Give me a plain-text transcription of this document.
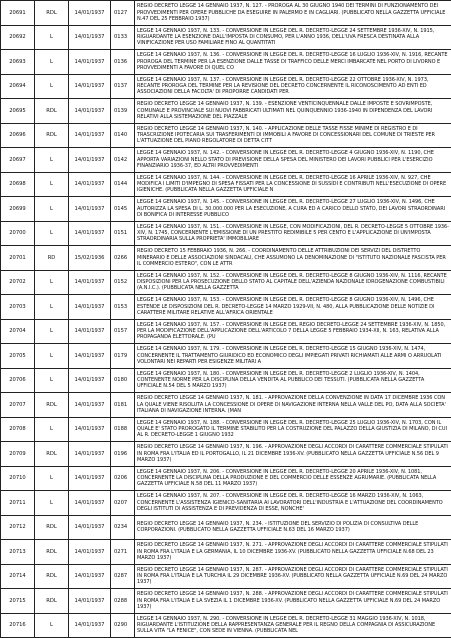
20691	RDL	14/01/1937	0127	REGIO DECRETO LEGGE 14 GENNAIO 1937, N. 127. - PROROGA AL 30 GIUGNO 1940 DEI TERMINI DI FUNZIONAMENTO DEI PROVVEDIMENTI PER OPERE PUBBLICHE DA ESEGUIRE IN PALERMO E IN CAGLIARI. (PUBBLICATO NELLA GAZZETTA UFFICIALE N.47 DEL 25 FEBBRAIO 1937)

20692	L	14/01/1937	0133	LEGGE 14 GENNAIO 1937, N. 133. - CONVERSIONE IN LEGGE DEL R. DECRETO-LEGGE 24 SETTEMBRE 1936-XIV, N. 1915, RIGUARDANTE LA ESENZIONE DALL'IMPOSTA DI CONSUMO, PER L'ANNO 1936, DELL'UVA FRESCA DESTINATA ALLA VINIFICAZIONE PER USO FAMILIARE FINO AL QUANTITATI

20693	L	14/01/1937	0136	LEGGE 14 GENNAIO 1937, N. 136. - CONVERSIONE IN LEGGE DEL R. DECRETO-LEGGE 16 LUGLIO 1936-XIV, N. 1916, RECANTE PROROGA DEL TERMINE PER LA ESENZIONE DALLE TASSE DI TRAFFICO DELLE MERCI IMBARCATE NEL PORTO DI LIVORNO E PROVVEDIMENTI A FAVORE DI QUEL CO

20694	L	14/01/1937	0137	LEGGE 14 GENNAIO 1937, N. 137. - CONVERSIONE IN LEGGE DEL R. DECRETO-LEGGE 22 OTTOBRE 1936-XIV, N. 1973, RECANTE PROROGA DEL TERMINE PER LA REVISIONE DEL DECRETO CONCERNENTE IL RICONOSCIMENTO AD ENTI ED ASSOCIAZIONI DELLA FACOLTA' DI PROPORRE CANDIDATI PER

20695	RDL	14/01/1937	0139	REGIO DECRETO LEGGE 14 GENNAIO 1937, N. 139. - ESENZIONE VENTICINQUENNALE DALLE IMPOSTE E SOVRIMPOSTE, COMUNALE E PROVINCIALE SUI NUOVI FABBRICATI ULTIMATI NEL QUINQUENNIO 1936-1940 IN DIPENDENZA DEL LAVORI RELATIVI ALLA SISTEMAZIONE DEL PIAZZALE

20696	RDL	14/01/1937	0140	REGIO DECRETO LEGGE 14 GENNAIO 1937, N. 140. - APPLICAZIONE DELLE TASSE FISSE MINIME DI REGISTRO E DI TRASCRIZIONE IPOTECARIA SUI TRASFERIMENTI DI IMMOBILI A FAVORE DI CONCESSIONARI DEL COMUNE DI TRIESTE PER L'ATTUAZIONE DEL PIANO REGOLATORE DI DETTA CITT

20697	L	14/01/1937	0142	LEGGE 14 GENNAIO 1937, N. 142. - CONVERSIONE IN LEGGE DEL R. DECRETO-LEGGE 4 GIUGNO 1936-XIV, N. 1190, CHE APPORTA VARIAZIONI NELLO STATO DI PREVISIONE DELLA SPESA DEL MINISTERO DEI LAVORI PUBBLICI PER L'ESERCIZIO FINANZIARIO 1936-37, ED ALTRI PROVVEDIMENTI

20698	L	14/01/1937	0144	LEGGE 14 GENNAIO 1937, N. 144. - CONVERSIONE IN LEGGE DEL R. DECRETO-LEGGE 16 APRILE 1936-XIV, N. 927, CHE MODIFICA I LIMITI D'IMPEGNO DI SPESA FISSATI PER LA CONCESSIONE DI SUSSIDI E CONTRIBUTI NELL'ESECUZIONE DI OPERE IGIENICHE. (PUBBLICATA NELLA GAZZETTA UFFICIALE N

20699	L	14/01/1937	0145	LEGGE 14 GENNAIO 1937, N. 145. - CONVERSIONE IN LEGGE DEL R. DECRETO-LEGGE 27 LUGLIO 1936-XIV, N. 1496, CHE AUTORIZZA LA SPESA DI L. 30.000.000 PER LA ESECUZIONE, A CURA ED A CARICO DELLO STATO, DEI LAVORI STRAORDINARI DI BONIFICA DI INTERESSE PUBBLICO

20700	L	14/01/1937	0151	LEGGE 14 GENNAIO 1937, N. 151. - CONVERSIONE IN LEGGE, CON MODIFICAZIONI, DEL R. DECRETO-LEGGE 5 OTTOBRE 1936-XIV, N. 1745, CONCERNENTE L'EMISSIONE DI UN PRESTITO REDIMIBILE 5 PER CENTO E L'APPLICAZIONE DI UN'IMPOSTA STRAORDINARIA SULLA PROPRIETA' IMMOBILIARE

20701	RD	15/02/1936	0266	REGIO DECRETO 15 FEBBRAIO 1936, N. 266. - COORDINAMENTO DELLE ATTRIBUZIONI DEI SERVIZI DEL DISTRETTO MINERARIO E DELLE ASSOCIAZIONI SINDACALI, CHE ASSUMONO LA DENOMINAZIONE DI "ISTITUTO NAZIONALE FASCISTA PER IL COMMERCIO ESTERO", CON LE ATTR

20702	L	14/01/1937	0152	LEGGE 14 GENNAIO 1937, N. 152. - CONVERSIONE IN LEGGE DEL R. DECRETO-LEGGE 8 GIUGNO 1936-XIV, N. 1116, RECANTE DISPOSIZIONI PER LA PROSECUZIONE DELLO STATO AL CAPITALE DELL'AZIENDA NAZIONALE IDROGENAZIONE COMBUSTIBILI (A.N.I.C.). (PUBBLICATA NELLA GAZZETTA

20703	L	14/01/1937	0153	LEGGE 14 GENNAIO 1937, N. 153. - CONVERSIONE IN LEGGE DEL R. DECRETO-LEGGE 8 GIUGNO 1936-XIV, N. 1496, CHE ESTENDE LE DISPOSIZIONI DEL R. DECRETO-LEGGE 14 MARZO 1929-VII, N. 480, ALLA PUBBLICAZIONE DELLE NOTIZIE DI CARATTERE MILITARE RELATIVE ALL'AFRICA ORIENTALE

20704	L	14/01/1937	0157	LEGGE 14 GENNAIO 1937, N. 157. - CONVERSIONE IN LEGGE DEL REGIO DECRETO-LEGGE 24 SETTEMBRE 1936-XIV, N. 1850, PER LA MODIFICAZIONE DELL'APPLICAZIONE DELL'ARTICOLO 7 DELLA LEGGE 5 FEBBRAIO 1934-XII, N. 163, RELATIVA ALLA PROPAGANDA ELETTORALE. (PU

20705	L	14/01/1937	0179	LEGGE 14 GENNAIO 1937, N. 179. - CONVERSIONE IN LEGGE DEL R. DECRETO-LEGGE 15 GIUGNO 1936-XIV, N. 1474, CONCERNENTE IL TRATTAMENTO GIURIDICO ED ECONOMICO DEGLI IMPIEGATI PRIVATI RICHIAMATI ALLE ARMI O ARRUOLATI VOLONTARI NEI REPARTI PER ESIGENZE MILITARI A

20706	L	14/01/1937	0180	LEGGE 14 GENNAIO 1937, N. 180. - CONVERSIONE IN LEGGE DEL R. DECRETO-LEGGE 2 LUGLIO 1936-XIV, N. 1404, CONTENENTE NORME PER LA DISCIPLINA DELLA VENDITA AL PUBBLICO DEI TESSUTI. (PUBBLICATA NELLA GAZZETTA UFFICIALE N.54 DEL 5 MARZO 1937)

20707	RDL	14/01/1937	0181	REGIO DECRETO LEGGE 14 GENNAIO 1937, N. 181. - APPROVAZIONE DELLA CONVENZIONE IN DATA 17 DICEMBRE 1936 CON LA QUALE VIENE RISOLUTA LA CONCESSIONE DI OPERE DI NAVIGAZIONE INTERNA NELLA VALLE DEL PO, DATA ALLA SOCIETA' ITALIANA DI NAVIGAZIONE INTERNA. (MAN

20708	L	14/01/1937	0188	LEGGE 14 GENNAIO 1937, N. 188. - CONVERSIONE IN LEGGE DEL R. DECRETO-LEGGE 25 LUGLIO 1936-XIV, N. 1703, CON IL QUALE E' STATO PROROGATO IL TERMINE STABILITO PER LA COSTRUZIONE DEL PALAZZO DELLA GIUSTIZIA DI MILANO, DI CUI AL R. DECRETO-LEGGE 1 GIUGNO 1932

20709	RDL	14/01/1937	0196	REGIO DECRETO LEGGE 14 GENNAIO 1937, N. 196. - APPROVAZIONE DEGLI ACCORDI DI CARATTERE COMMERCIALE STIPULATI IN ROMA FRA L'ITALIA ED IL PORTOGALLO, IL 21 DICEMBRE 1936-XV. (PUBBLICATO NELLA GAZZETTA UFFICIALE N.56 DEL 9 MARZO 1937)

20710	L	14/01/1937	0206	LEGGE 14 GENNAIO 1937, N. 206. - CONVERSIONE IN LEGGE DEL R. DECRETO-LEGGE 20 APRILE 1936-XIV, N. 1081, CONCERNENTE LA DISCIPLINA DELLA PRODUZIONE E DEL COMMERCIO DELLE ESSENZE AGRUMARIE. (PUBBLICATA NELLA GAZZETTA UFFICIALE N.58 DEL 11 MARZO 1937)

20711	L	14/01/1937	0207	LEGGE 14 GENNAIO 1937, N. 207. - CONVERSIONE IN LEGGE DEL R. DECRETO-LEGGE 16 MARZO 1936-XIV, N. 1063, CONCERNENTE L'ASSISTENZA IGIENICO-SANITARIA AI LAVORATORI DELL'INDUSTRIA E L'ATTUAZIONE DEL COORDINAMENTO DEGLI ISTITUTI DI ASSISTENZA E DI PREVIDENZA DI ESSE, NONCHE'

20712	RDL	14/01/1937	0234	REGIO DECRETO LEGGE 14 GENNAIO 1937, N. 234. - ISTITUZIONE DEL SERVIZIO DI POLIZIA DI CONSULTIVA DELLE CORPORAZIONI. (PUBBLICATO NELLA GAZZETTA UFFICIALE N.63 DEL 16 MARZO 1937)

20713	RDL	14/01/1937	0271	REGIO DECRETO LEGGE 14 GENNAIO 1937, N. 271. - APPROVAZIONE DEGLI ACCORDI DI CARATTERE COMMERCIALE STIPULATI IN ROMA FRA L'ITALIA E LA GERMANIA, IL 10 DICEMBRE 1936-XV. (PUBBLICATO NELLA GAZZETTA UFFICIALE N.68 DEL 23 MARZO 1937)

20714	RDL	14/01/1937	0287	REGIO DECRETO LEGGE 14 GENNAIO 1937, N. 287. - APPROVAZIONE DEGLI ACCORDI DI CARATTERE COMMERCIALE STIPULATI IN ROMA FRA L'ITALIA E LA TURCHIA IL 29 DICEMBRE 1936-XV. (PUBBLICATO NELLA GAZZETTA UFFICIALE N.69 DEL 24 MARZO 1937)

20715	RDL	14/01/1937	0288	REGIO DECRETO LEGGE 14 GENNAIO 1937, N. 288. - APPROVAZIONE DEGLI ACCORDI DI CARATTERE COMMERCIALE STIPULATI IN ROMA FRA L'ITALIA E LA SVEZIA IL 1 DICEMBRE 1936-XV. (PUBBLICATO NELLA GAZZETTA UFFICIALE N.69 DEL 24 MARZO 1937)

20716	L	14/01/1937	0290	LEGGE 14 GENNAIO 1937, N. 290. - CONVERSIONE IN LEGGE DEL R. DECRETO-LEGGE 31 MAGGIO 1936-XIV, N. 1018, RIGUARDANTE L'ISTITUZIONE DELLA RAPPRESENTANZA GENERALE PER IL REGNO DELLA COMPAGNIA DI ASSICURAZIONE SULLA VITA "LA FENICE", CON SEDE IN VIENNA. (PUBBLICATA NEL
